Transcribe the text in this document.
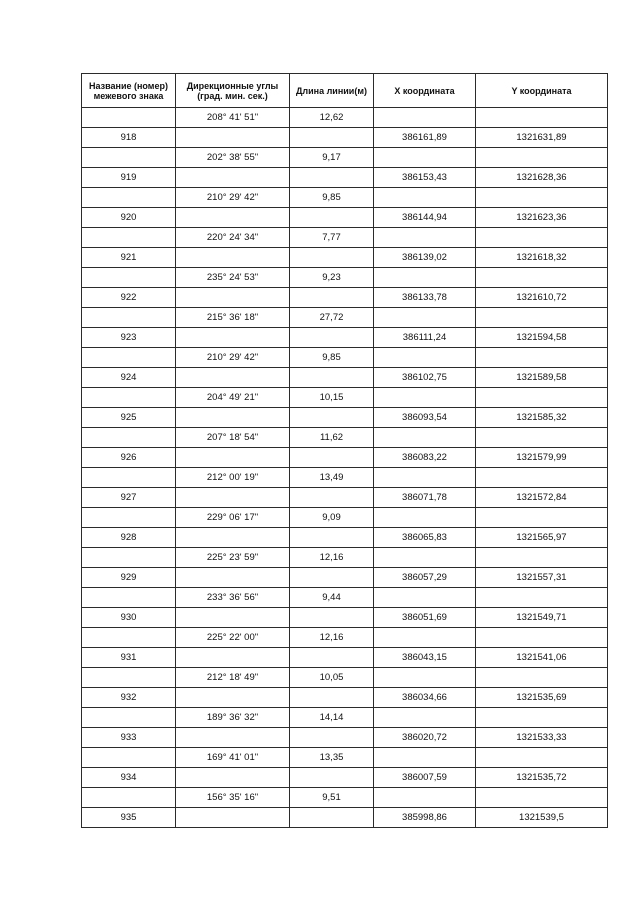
Название (номер) межевого знака	Дирекционные углы (град. мин. сек.)	Длина линии(м)	X координата	Y координата
	208° 41' 51"	12,62		
918			386161,89	1321631,89
	202° 38' 55"	9,17		
919			386153,43	1321628,36
	210° 29' 42"	9,85		
920			386144,94	1321623,36
	220° 24' 34"	7,77		
921			386139,02	1321618,32
	235° 24' 53"	9,23		
922			386133,78	1321610,72
	215° 36' 18"	27,72		
923			386111,24	1321594,58
	210° 29' 42"	9,85		
924			386102,75	1321589,58
	204° 49' 21"	10,15		
925			386093,54	1321585,32
	207° 18' 54"	11,62		
926			386083,22	1321579,99
	212° 00' 19"	13,49		
927			386071,78	1321572,84
	229° 06' 17"	9,09		
928			386065,83	1321565,97
	225° 23' 59"	12,16		
929			386057,29	1321557,31
	233° 36' 56"	9,44		
930			386051,69	1321549,71
	225° 22' 00"	12,16		
931			386043,15	1321541,06
	212° 18' 49"	10,05		
932			386034,66	1321535,69
	189° 36' 32"	14,14		
933			386020,72	1321533,33
	169° 41' 01"	13,35		
934			386007,59	1321535,72
	156° 35' 16"	9,51		
935			385998,86	1321539,5
